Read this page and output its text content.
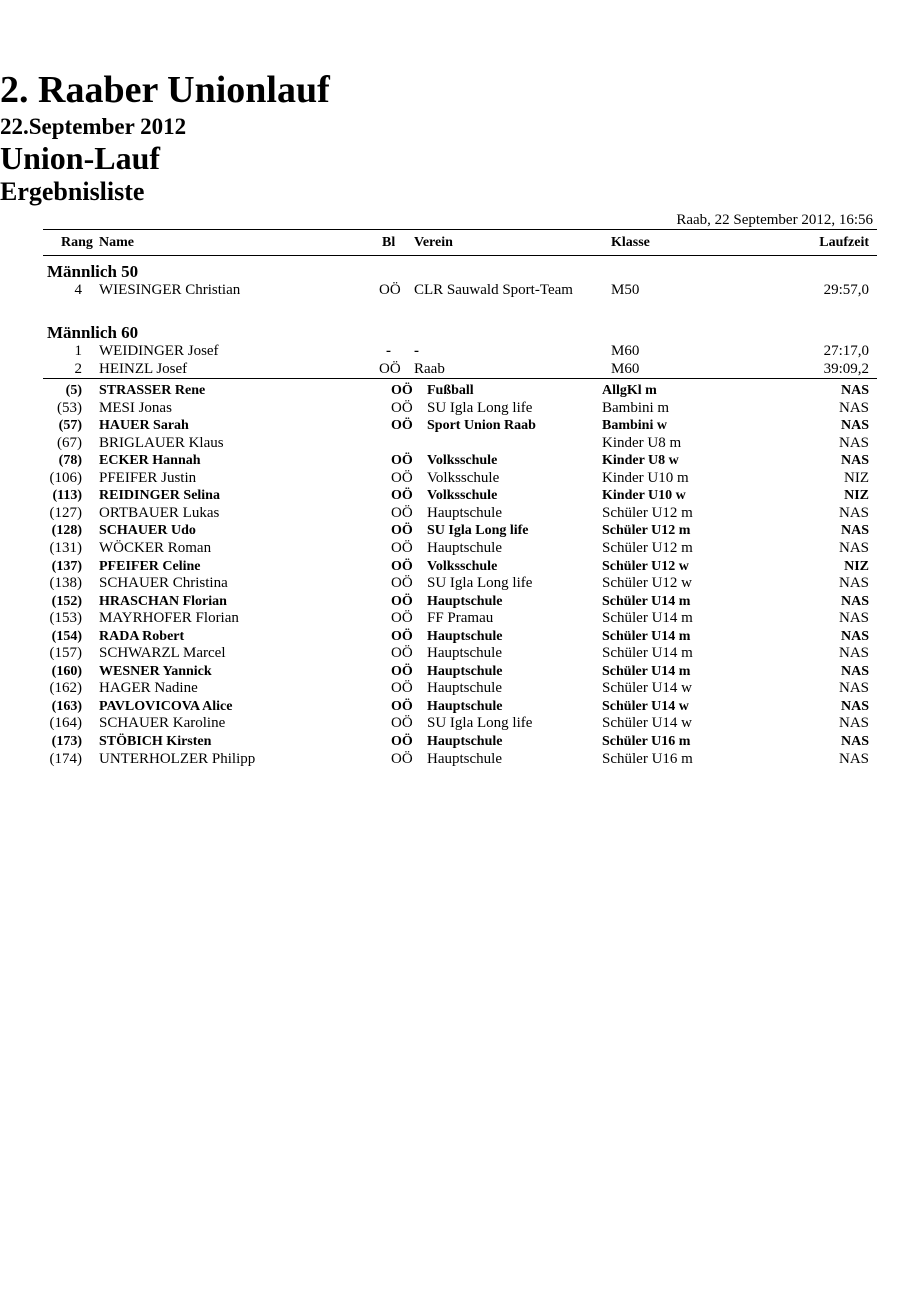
2. Raaber Unionlauf
22.September 2012
Union-Lauf
Ergebnisliste
Raab, 22 September 2012, 16:56
Rang Name	Bl Verein	Klasse	Laufzeit
Männlich 50
4 WIESINGER Christian	OÖ CLR Sauwald Sport-Team	M50	29:57,0
Männlich 60
1 WEIDINGER Josef	- -	M60	27:17,0
2 HEINZL Josef	OÖ Raab	M60	39:09,2
(5) STRASSER Rene	OÖ Fußball	AllgKl m	NAS
(53) MESI Jonas	OÖ SU Igla Long life	Bambini m	NAS
(57) HAUER Sarah	OÖ Sport Union Raab	Bambini w	NAS
(67) BRIGLAUER Klaus	Kinder U8 m	NAS
(78) ECKER Hannah	OÖ Volksschule	Kinder U8 w	NAS
(106) PFEIFER Justin	OÖ Volksschule	Kinder U10 m	NIZ
(113) REIDINGER Selina	OÖ Volksschule	Kinder U10 w	NIZ
(127) ORTBAUER Lukas	OÖ Hauptschule	Schüler U12 m	NAS
(128) SCHAUER Udo	OÖ SU Igla Long life	Schüler U12 m	NAS
(131) WÖCKER Roman	OÖ Hauptschule	Schüler U12 m	NAS
(137) PFEIFER Celine	OÖ Volksschule	Schüler U12 w	NIZ
(138) SCHAUER Christina	OÖ SU Igla Long life	Schüler U12 w	NAS
(152) HRASCHAN Florian	OÖ Hauptschule	Schüler U14 m	NAS
(153) MAYRHOFER Florian	OÖ FF Pramau	Schüler U14 m	NAS
(154) RADA Robert	OÖ Hauptschule	Schüler U14 m	NAS
(157) SCHWARZL Marcel	OÖ Hauptschule	Schüler U14 m	NAS
(160) WESNER Yannick	OÖ Hauptschule	Schüler U14 m	NAS
(162) HAGER Nadine	OÖ Hauptschule	Schüler U14 w	NAS
(163) PAVLOVICOVA Alice	OÖ Hauptschule	Schüler U14 w	NAS
(164) SCHAUER Karoline	OÖ SU Igla Long life	Schüler U14 w	NAS
(173) STÖBICH Kirsten	OÖ Hauptschule	Schüler U16 m	NAS
(174) UNTERHOLZER Philipp	OÖ Hauptschule	Schüler U16 m	NAS
